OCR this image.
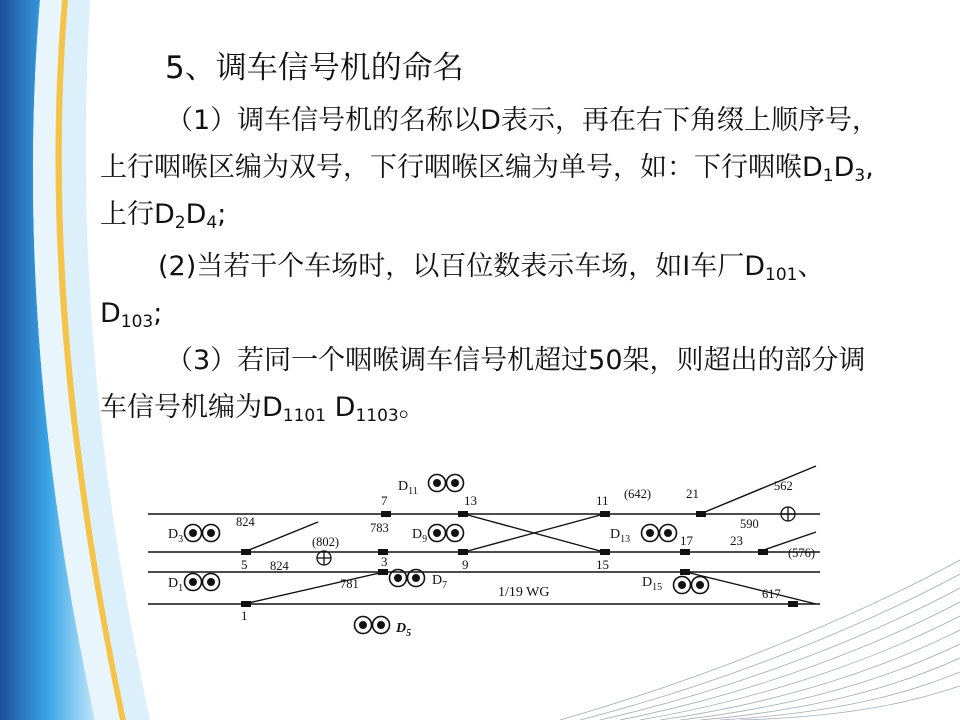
5、调车信号机的命名
（1）调车信号机的名称以D表示，再在右下角缀上顺序号，上行咽喉区编为双号，下行咽喉区编为单号，如：下行咽喉$D_1D_3$,上行$D_2D_4$;
(2)当若干个车场时，以百位数表示车场，如Ⅰ车厂$D_{101}$、$D_{103}$;
（3）若同一个咽喉调车信号机超过50架，则超出的部分调车信号机编为$D_{1101}$ $D_{1103}$。
1
3
5
7
9
11
13
15
17
21
23
824	783
(802)
824
781
(642)
562
590
(576)
617
$D_3$
$D_1$
$D_{11}$
$D_9$
$D_7$
$D_5$
$D_{13}$
$D_{15}$
1/19 WG
